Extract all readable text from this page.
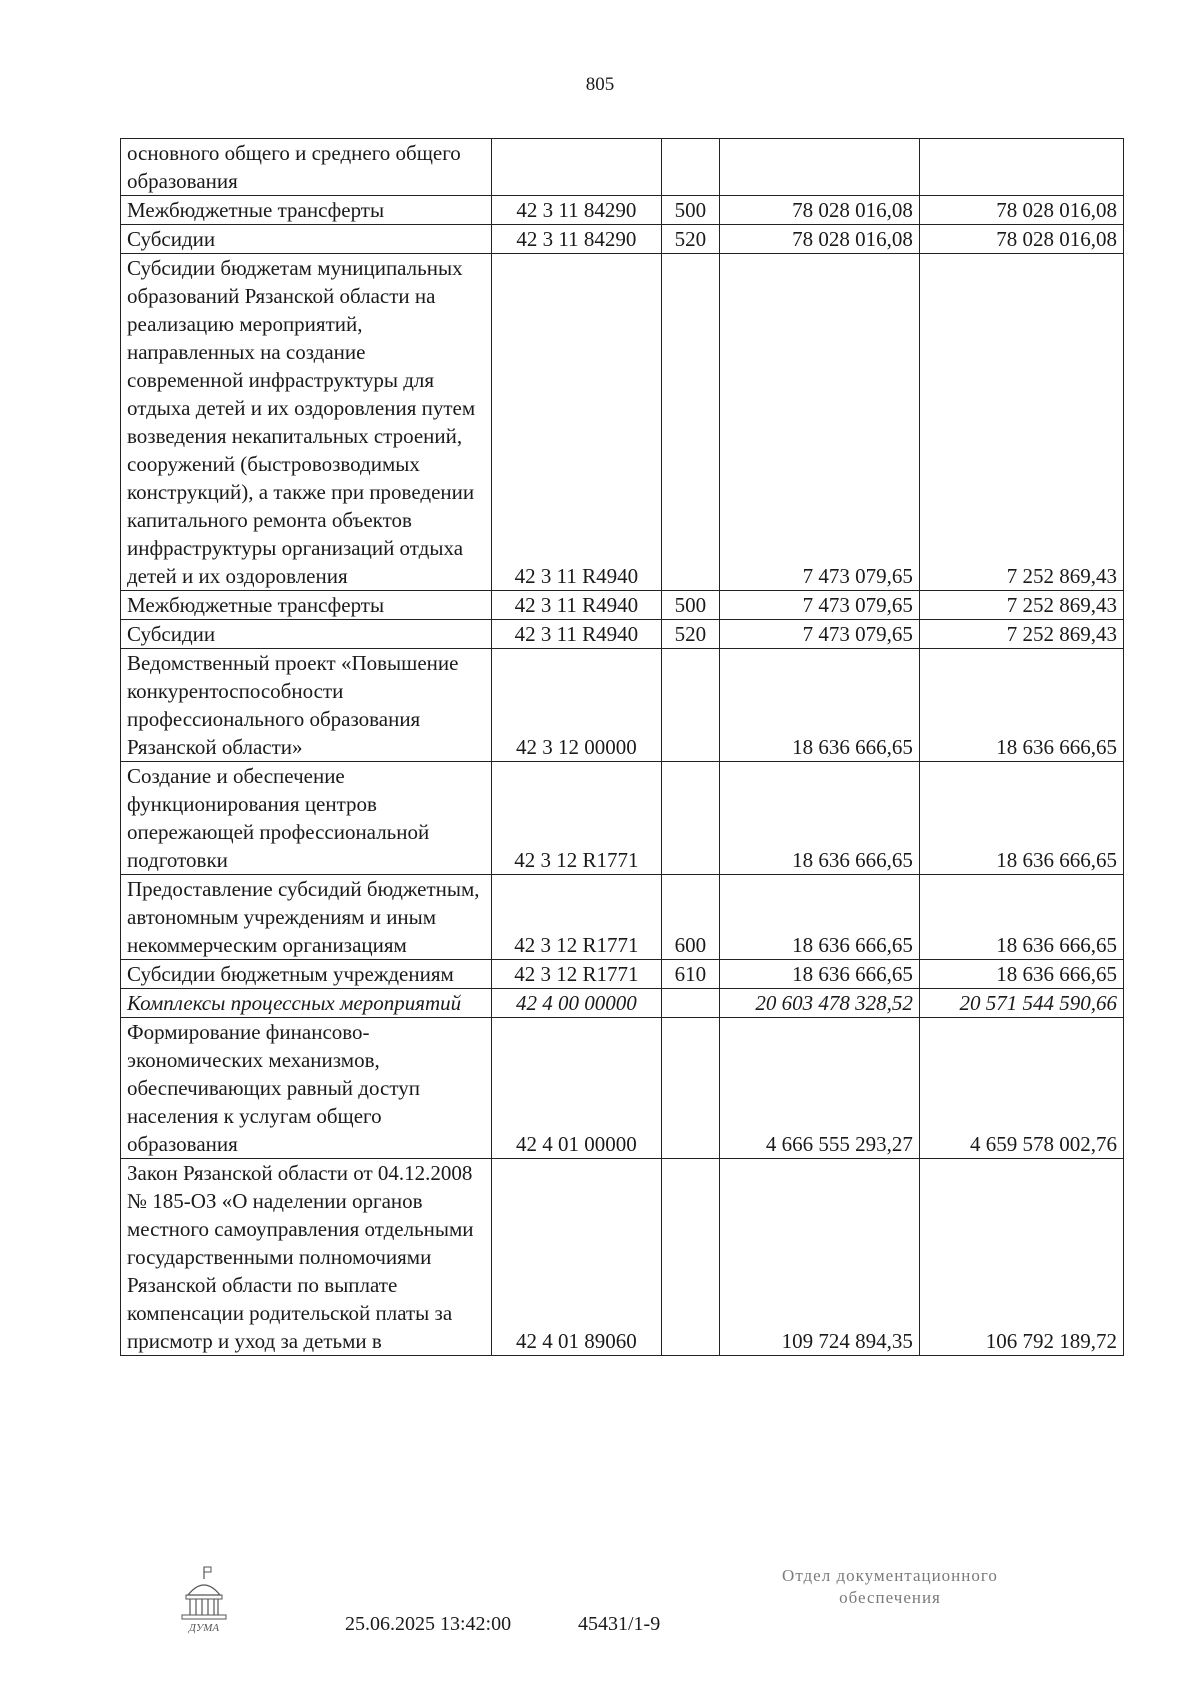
805
основного общего и среднего общего образования				
Межбюджетные трансферты	42 3 11 84290	500	78 028 016,08	78 028 016,08
Субсидии	42 3 11 84290	520	78 028 016,08	78 028 016,08
Субсидии бюджетам муниципальных образований Рязанской области на реализацию мероприятий, направленных на создание современной инфраструктуры для отдыха детей и их оздоровления путем возведения некапитальных строений, сооружений (быстровозводимых конструкций), а также при проведении капитального ремонта объектов инфраструктуры организаций отдыха детей и их оздоровления	42 3 11 R4940		7 473 079,65	7 252 869,43
Межбюджетные трансферты	42 3 11 R4940	500	7 473 079,65	7 252 869,43
Субсидии	42 3 11 R4940	520	7 473 079,65	7 252 869,43
Ведомственный проект «Повышение конкурентоспособности профессионального образования Рязанской области»	42 3 12 00000		18 636 666,65	18 636 666,65
Создание и обеспечение функционирования центров опережающей профессиональной подготовки	42 3 12 R1771		18 636 666,65	18 636 666,65
Предоставление субсидий бюджетным, автономным учреждениям и иным некоммерческим организациям	42 3 12 R1771	600	18 636 666,65	18 636 666,65
Субсидии бюджетным учреждениям	42 3 12 R1771	610	18 636 666,65	18 636 666,65
Комплексы процессных мероприятий	42 4 00 00000		20 603 478 328,52	20 571 544 590,66
Формирование финансово-экономических механизмов, обеспечивающих равный доступ населения к услугам общего образования	42 4 01 00000		4 666 555 293,27	4 659 578 002,76
Закон Рязанской области от 04.12.2008 № 185-ОЗ «О наделении органов местного самоуправления отдельными государственными полномочиями Рязанской области по выплате компенсации родительской платы за присмотр и уход за детьми в	42 4 01 89060		109 724 894,35	106 792 189,72
ДУМА	25.06.2025 13:42:00	45431/1-9
Отдел документационного
обеспечения
